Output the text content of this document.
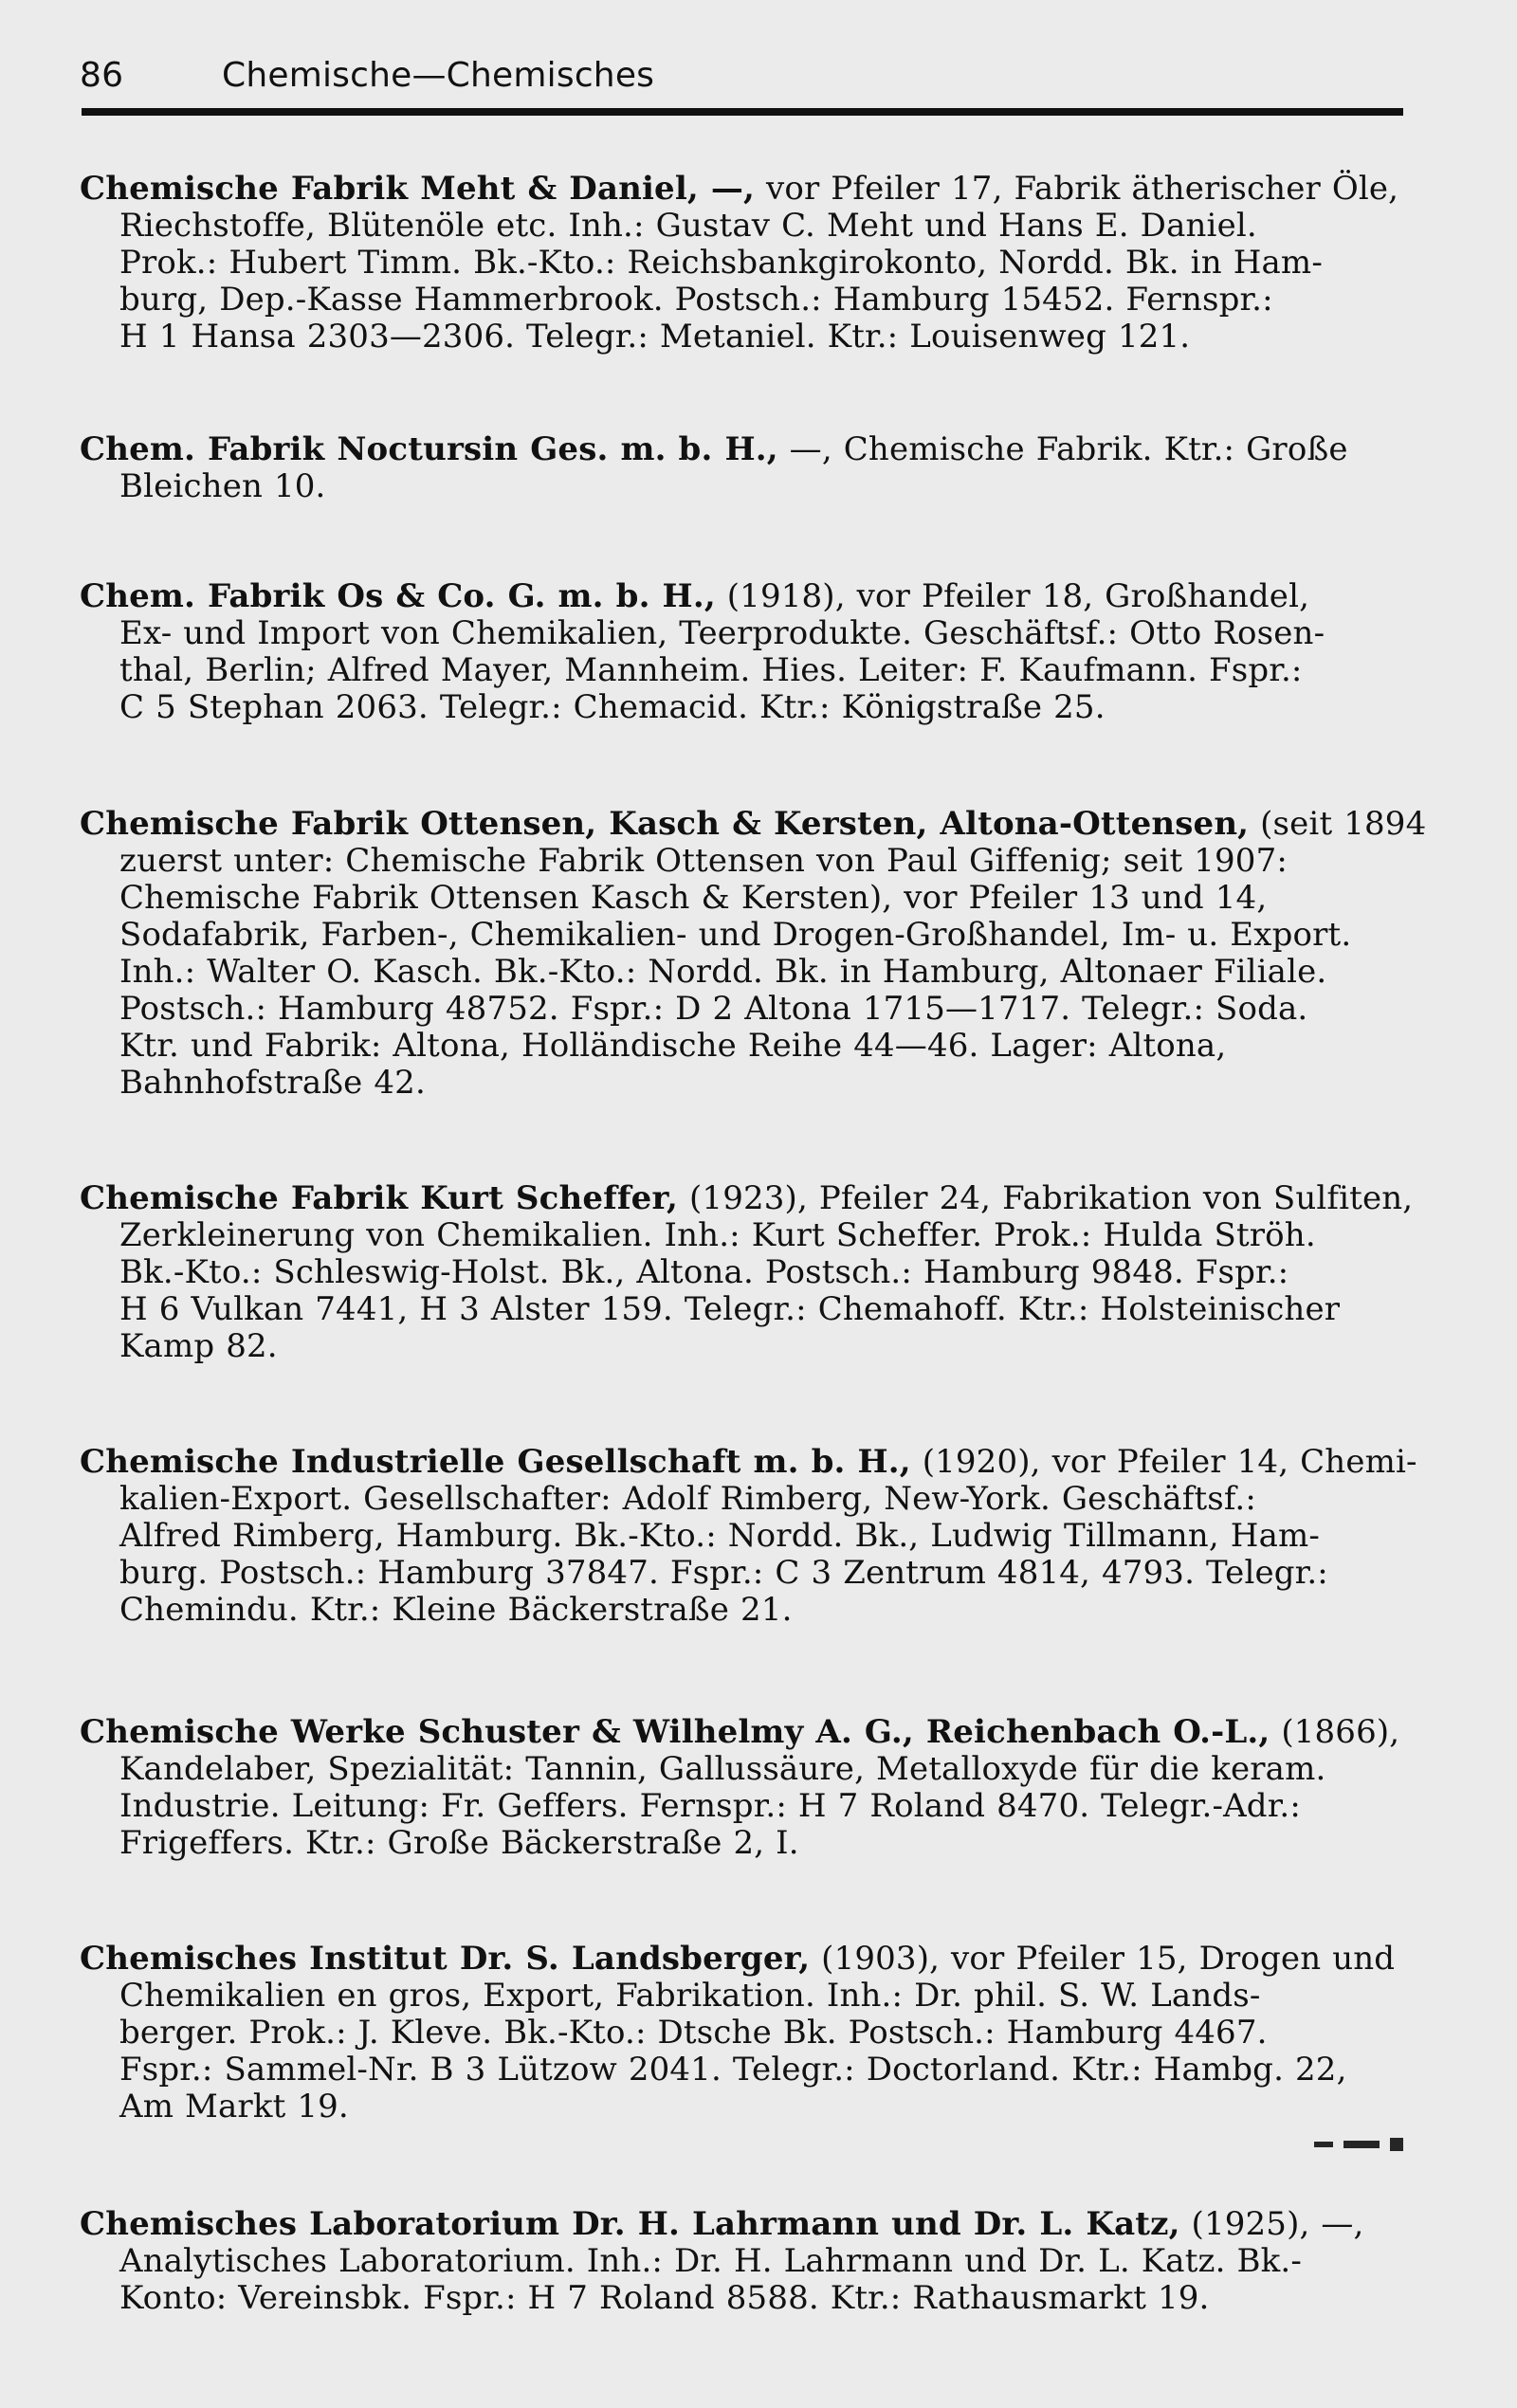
86	Chemische—Chemisches
Chemische Fabrik Meht & Daniel, —, vor Pfeiler 17, Fabrik ätherischer Öle,
Riechstoffe, Blütenöle etc. Inh.: Gustav C. Meht und Hans E. Daniel.
Prok.: Hubert Timm. Bk.-Kto.: Reichsbankgirokonto, Nordd. Bk. in Ham-
burg, Dep.-Kasse Hammerbrook. Postsch.: Hamburg 15452. Fernspr.:
H 1 Hansa 2303—2306. Telegr.: Metaniel. Ktr.: Louisenweg 121.
Chem. Fabrik Noctursin Ges. m. b. H., —, Chemische Fabrik. Ktr.: Große
Bleichen 10.
Chem. Fabrik Os & Co. G. m. b. H., (1918), vor Pfeiler 18, Großhandel,
Ex- und Import von Chemikalien, Teerprodukte. Geschäftsf.: Otto Rosen-
thal, Berlin; Alfred Mayer, Mannheim. Hies. Leiter: F. Kaufmann. Fspr.:
C 5 Stephan 2063. Telegr.: Chemacid. Ktr.: Königstraße 25.
Chemische Fabrik Ottensen, Kasch & Kersten, Altona-Ottensen, (seit 1894
zuerst unter: Chemische Fabrik Ottensen von Paul Giffenig; seit 1907:
Chemische Fabrik Ottensen Kasch & Kersten), vor Pfeiler 13 und 14,
Sodafabrik, Farben-, Chemikalien- und Drogen-Großhandel, Im- u. Export.
Inh.: Walter O. Kasch. Bk.-Kto.: Nordd. Bk. in Hamburg, Altonaer Filiale.
Postsch.: Hamburg 48752. Fspr.: D 2 Altona 1715—1717. Telegr.: Soda.
Ktr. und Fabrik: Altona, Holländische Reihe 44—46. Lager: Altona,
Bahnhofstraße 42.
Chemische Fabrik Kurt Scheffer, (1923), Pfeiler 24, Fabrikation von Sulfiten,
Zerkleinerung von Chemikalien. Inh.: Kurt Scheffer. Prok.: Hulda Ströh.
Bk.-Kto.: Schleswig-Holst. Bk., Altona. Postsch.: Hamburg 9848. Fspr.:
H 6 Vulkan 7441, H 3 Alster 159. Telegr.: Chemahoff. Ktr.: Holsteinischer
Kamp 82.
Chemische Industrielle Gesellschaft m. b. H., (1920), vor Pfeiler 14, Chemi-
kalien-Export. Gesellschafter: Adolf Rimberg, New-York. Geschäftsf.:
Alfred Rimberg, Hamburg. Bk.-Kto.: Nordd. Bk., Ludwig Tillmann, Ham-
burg. Postsch.: Hamburg 37847. Fspr.: C 3 Zentrum 4814, 4793. Telegr.:
Chemindu. Ktr.: Kleine Bäckerstraße 21.
Chemische Werke Schuster & Wilhelmy A. G., Reichenbach O.-L., (1866),
Kandelaber, Spezialität: Tannin, Gallussäure, Metalloxyde für die keram.
Industrie. Leitung: Fr. Geffers. Fernspr.: H 7 Roland 8470. Telegr.-Adr.:
Frigeffers. Ktr.: Große Bäckerstraße 2, I.
Chemisches Institut Dr. S. Landsberger, (1903), vor Pfeiler 15, Drogen und
Chemikalien en gros, Export, Fabrikation. Inh.: Dr. phil. S. W. Lands-
berger. Prok.: J. Kleve. Bk.-Kto.: Dtsche Bk. Postsch.: Hamburg 4467.
Fspr.: Sammel-Nr. B 3 Lützow 2041. Telegr.: Doctorland. Ktr.: Hambg. 22,
Am Markt 19.
Chemisches Laboratorium Dr. H. Lahrmann und Dr. L. Katz, (1925), —,
Analytisches Laboratorium. Inh.: Dr. H. Lahrmann und Dr. L. Katz. Bk.-
Konto: Vereinsbk. Fspr.: H 7 Roland 8588. Ktr.: Rathausmarkt 19.
